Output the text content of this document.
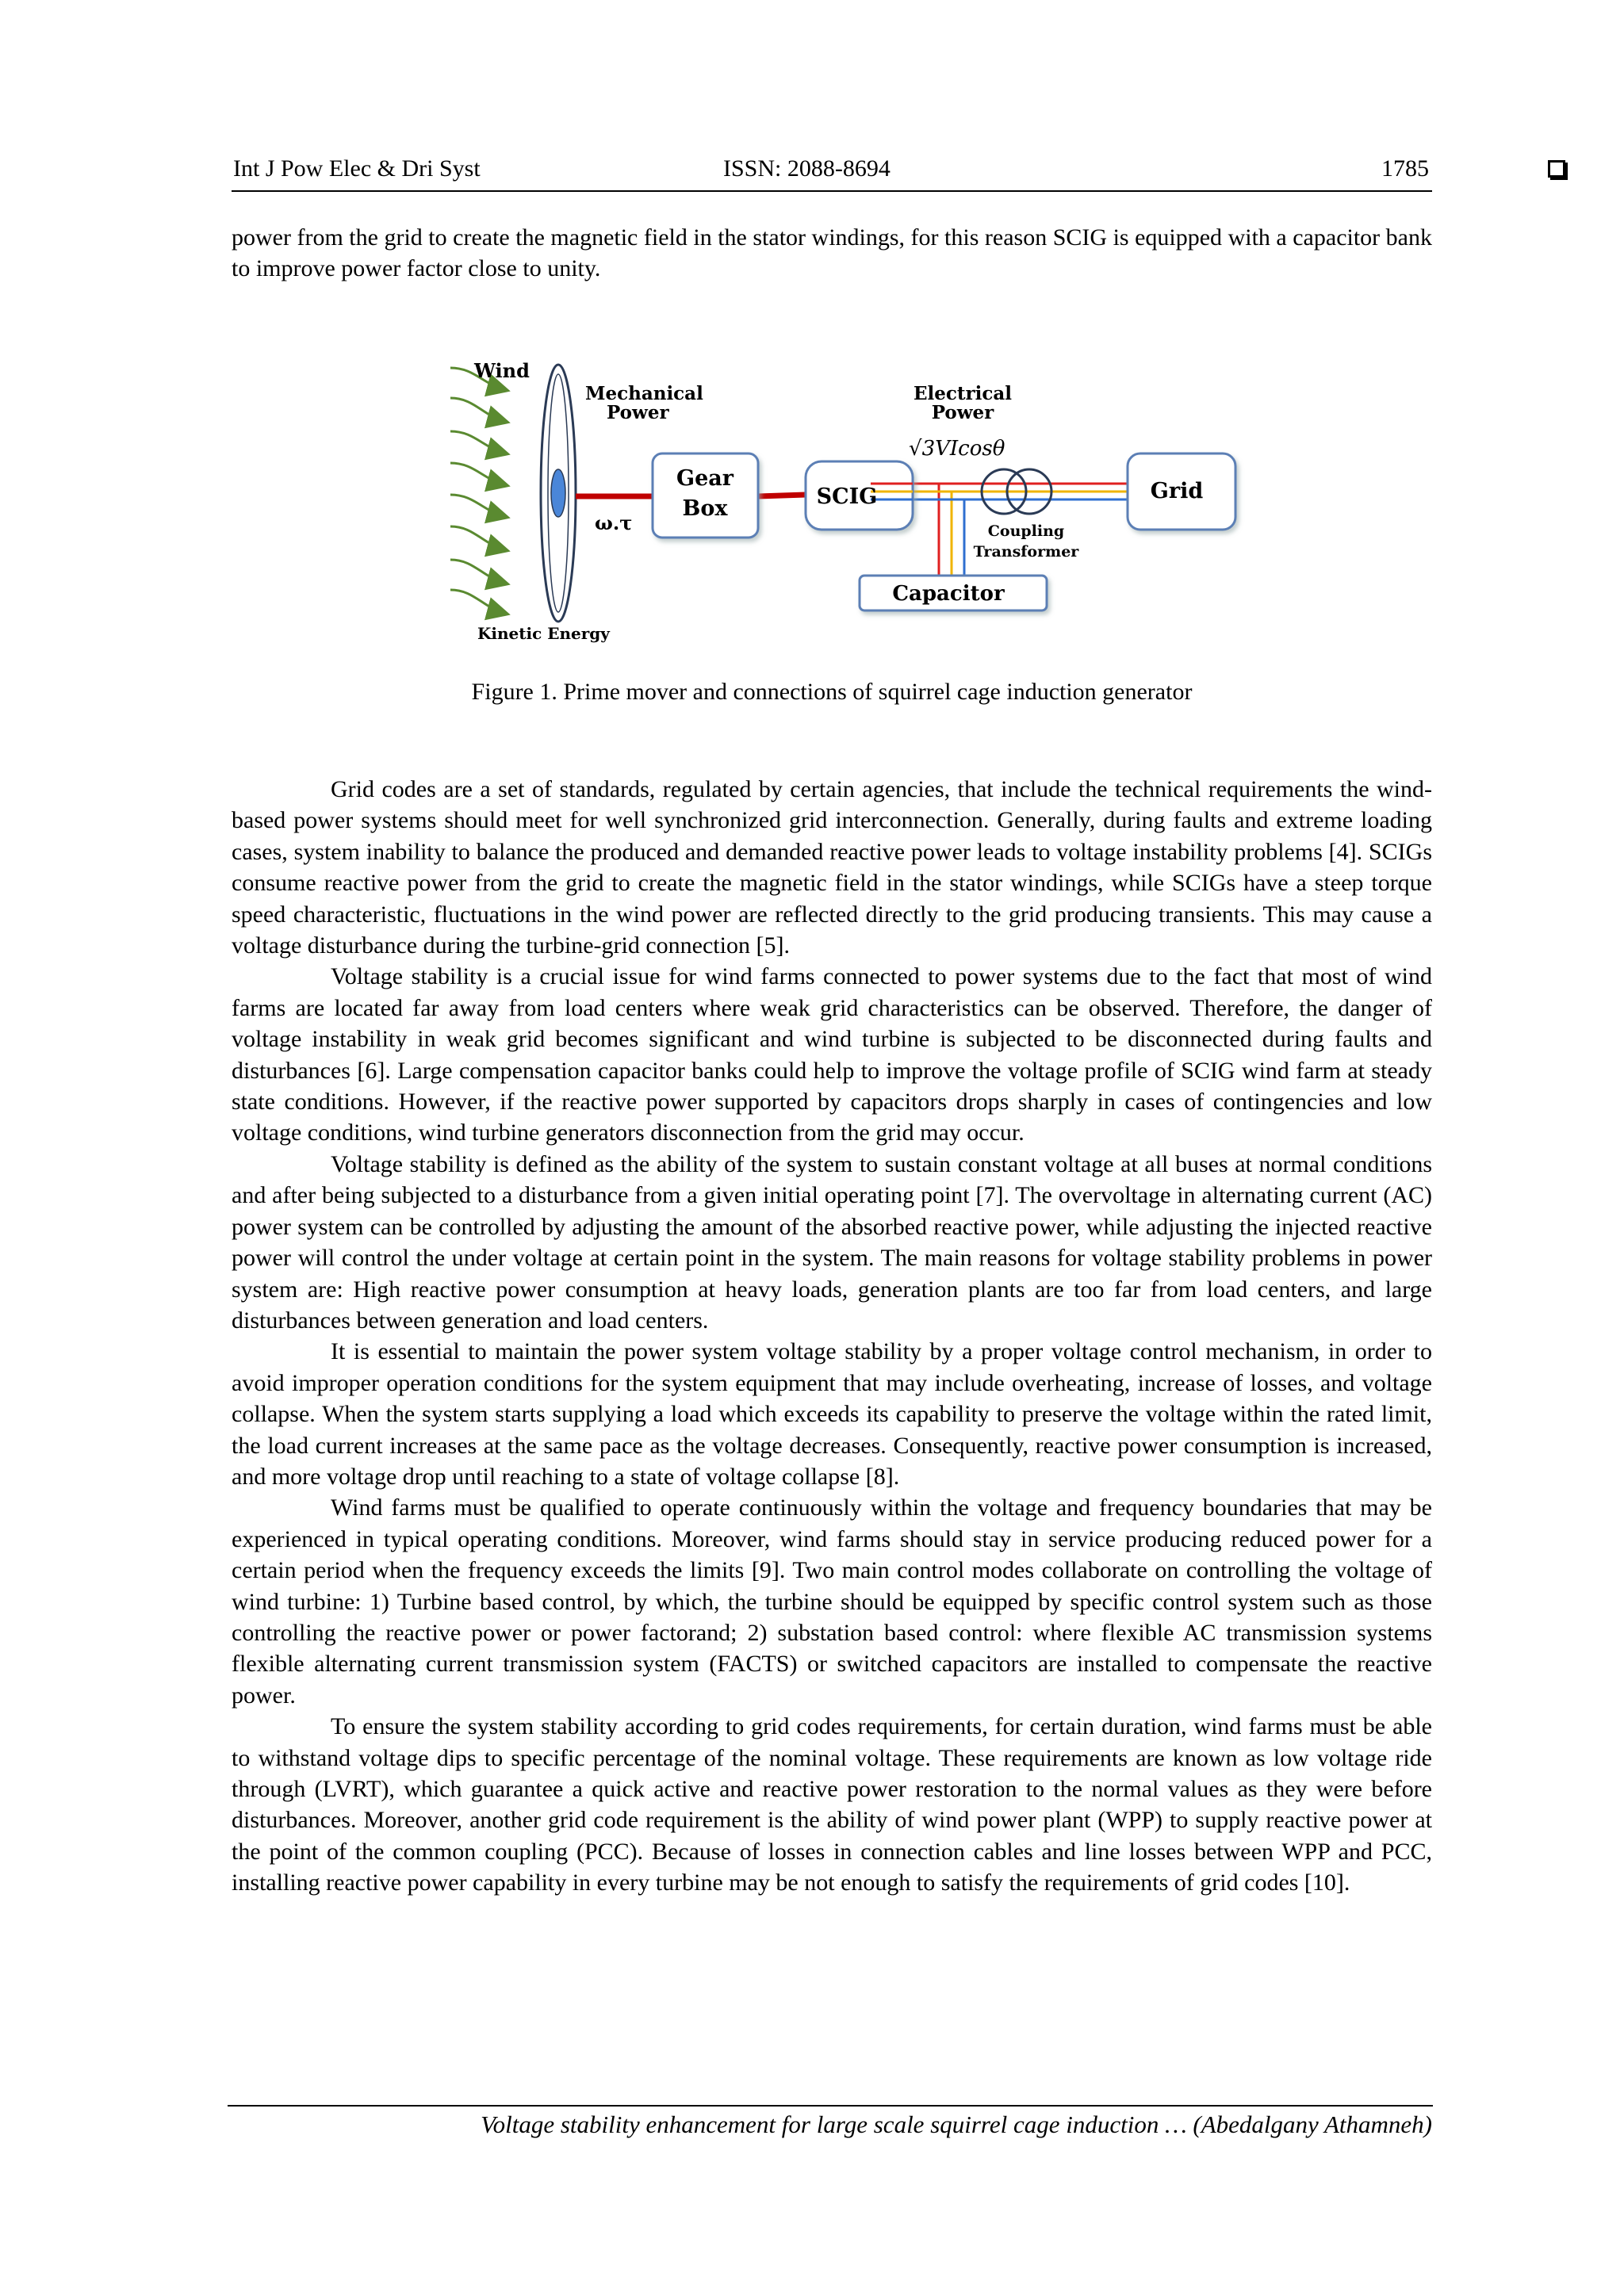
Int J Pow Elec & Dri Syst	ISSN: 2088-8694	1785

power from the grid to create the magnetic field in the stator windings, for this reason SCIG is equipped with a capacitor bank to improve power factor close to unity.

Wind
Mechanical
Power
ω.τ
Kinetic Energy
Gear
Box	SCIG
Electrical
Power
√3VIcosθ
Coupling
Transformer
Grid
Capacitor
Figure 1. Prime mover and connections of squirrel cage induction generator

Grid codes are a set of standards, regulated by certain agencies, that include the technical requirements the wind-based power systems should meet for well synchronized grid interconnection. Generally, during faults and extreme loading cases, system inability to balance the produced and demanded reactive power leads to voltage instability problems [4]. SCIGs consume reactive power from the grid to create the magnetic field in the stator windings, while SCIGs have a steep torque speed characteristic, fluctuations in the wind power are reflected directly to the grid producing transients. This may cause a voltage disturbance during the turbine-grid connection [5].

Voltage stability is a crucial issue for wind farms connected to power systems due to the fact that most of wind farms are located far away from load centers where weak grid characteristics can be observed. Therefore, the danger of voltage instability in weak grid becomes significant and wind turbine is subjected to be disconnected during faults and disturbances [6]. Large compensation capacitor banks could help to improve the voltage profile of SCIG wind farm at steady state conditions. However, if the reactive power supported by capacitors drops sharply in cases of contingencies and low voltage conditions, wind turbine generators disconnection from the grid may occur.

Voltage stability is defined as the ability of the system to sustain constant voltage at all buses at normal conditions and after being subjected to a disturbance from a given initial operating point [7]. The overvoltage in alternating current (AC) power system can be controlled by adjusting the amount of the absorbed reactive power, while adjusting the injected reactive power will control the under voltage at certain point in the system. The main reasons for voltage stability problems in power system are: High reactive power consumption at heavy loads, generation plants are too far from load centers, and large disturbances between generation and load centers.

It is essential to maintain the power system voltage stability by a proper voltage control mechanism, in order to avoid improper operation conditions for the system equipment that may include overheating, increase of losses, and voltage collapse. When the system starts supplying a load which exceeds its capability to preserve the voltage within the rated limit, the load current increases at the same pace as the voltage decreases. Consequently, reactive power consumption is increased, and more voltage drop until reaching to a state of voltage collapse [8].

Wind farms must be qualified to operate continuously within the voltage and frequency boundaries that may be experienced in typical operating conditions. Moreover, wind farms should stay in service producing reduced power for a certain period when the frequency exceeds the limits [9]. Two main control modes collaborate on controlling the voltage of wind turbine: 1) Turbine based control, by which, the turbine should be equipped by specific control system such as those controlling the reactive power or power factorand; 2) substation based control: where flexible AC transmission systems flexible alternating current transmission system (FACTS) or switched capacitors are installed to compensate the reactive power.

To ensure the system stability according to grid codes requirements, for certain duration, wind farms must be able to withstand voltage dips to specific percentage of the nominal voltage. These requirements are known as low voltage ride through (LVRT), which guarantee a quick active and reactive power restoration to the normal values as they were before disturbances. Moreover, another grid code requirement is the ability of wind power plant (WPP) to supply reactive power at the point of the common coupling (PCC). Because of losses in connection cables and line losses between WPP and PCC, installing reactive power capability in every turbine may be not enough to satisfy the requirements of grid codes [10].

Voltage stability enhancement for large scale squirrel cage induction … (Abedalgany Athamneh)
